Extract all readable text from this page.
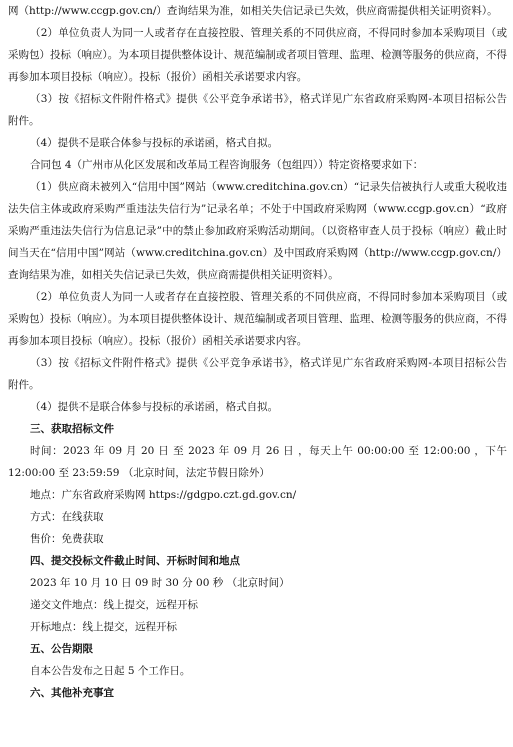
网（http://www.ccgp.gov.cn/）查询结果为准，如相关失信记录已失效，供应商需提供相关证明资料）。

（2）单位负责人为同一人或者存在直接控股、管理关系的不同供应商，不得同时参加本采购项目（或采购包）投标（响应）。为本项目提供整体设计、规范编制或者项目管理、监理、检测等服务的供应商，不得再参加本项目投标（响应）。投标（报价）函相关承诺要求内容。

（3）按《招标文件附件格式》提供《公平竞争承诺书》，格式详见广东省政府采购网-本项目招标公告附件。

（4）提供不是联合体参与投标的承诺函，格式自拟。

合同包 4（广州市从化区发展和改革局工程咨询服务（包组四））特定资格要求如下：

（1）供应商未被列入“信用中国”网站（www.creditchina.gov.cn）“记录失信被执行人或重大税收违法失信主体或政府采购严重违法失信行为”记录名单；不处于中国政府采购网（www.ccgp.gov.cn）“政府采购严重违法失信行为信息记录”中的禁止参加政府采购活动期间。（以资格审查人员于投标（响应）截止时间当天在“信用中国”网站（www.creditchina.gov.cn）及中国政府采购网（http://www.ccgp.gov.cn/）查询结果为准，如相关失信记录已失效，供应商需提供相关证明资料）。

（2）单位负责人为同一人或者存在直接控股、管理关系的不同供应商，不得同时参加本采购项目（或采购包）投标（响应）。为本项目提供整体设计、规范编制或者项目管理、监理、检测等服务的供应商，不得再参加本项目投标（响应）。投标（报价）函相关承诺要求内容。

（3）按《招标文件附件格式》提供《公平竞争承诺书》，格式详见广东省政府采购网-本项目招标公告附件。

（4）提供不是联合体参与投标的承诺函，格式自拟。

三、获取招标文件

时间：2023 年 09 月 20 日 至 2023 年 09 月 26 日 ，每天上午 00:00:00 至 12:00:00 ，下午 12:00:00 至 23:59:59 （北京时间，法定节假日除外）

地点：广东省政府采购网 https://gdgpo.czt.gd.gov.cn/

方式：在线获取

售价：免费获取

四、提交投标文件截止时间、开标时间和地点

2023 年 10 月 10 日 09 时 30 分 00 秒 （北京时间）

递交文件地点：线上提交，远程开标

开标地点：线上提交，远程开标

五、公告期限

自本公告发布之日起 5 个工作日。

六、其他补充事宜
